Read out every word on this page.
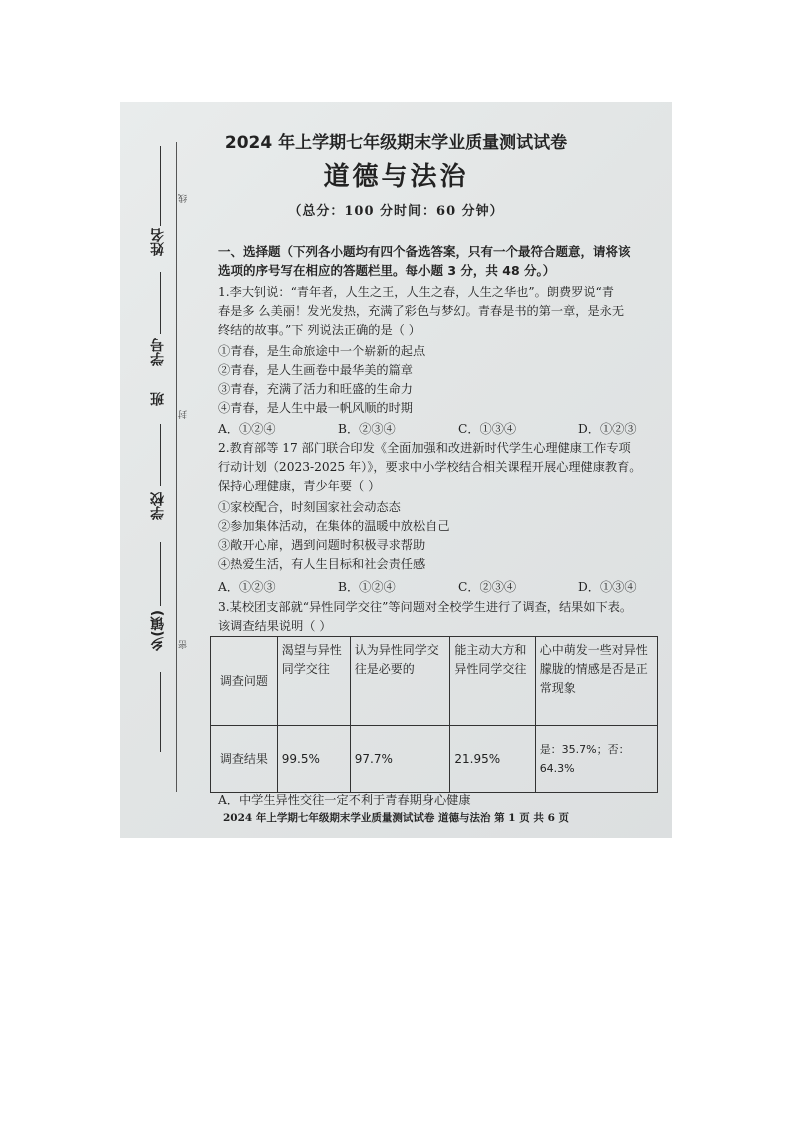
姓名
线
学号
班
封
学校
乡(镇) 密

2024 年上学期七年级期末学业质量测试试卷

道德与法治

（总分：100 分时间：60 分钟）

一、选择题（下列各小题均有四个备选答案，只有一个最符合题意，请将该

选项的序号写在相应的答题栏里。每小题 3 分，共 48 分。）

1.李大钊说：“青年者，人生之王，人生之春，人生之华也”。朗费罗说“青

春是多 么美丽！发光发热，充满了彩色与梦幻。青春是书的第一章，是永无

终结的故事。”下 列说法正确的是（ ）

①青春，是生命旅途中一个崭新的起点

②青春，是人生画卷中最华美的篇章

③青春，充满了活力和旺盛的生命力

④青春，是人生中最一帆风顺的时期

A．①②④	B．②③④	C．①③④	D．①②③

2.教育部等 17 部门联合印发《全面加强和改进新时代学生心理健康工作专项

行动计划（2023-2025 年）》，要求中小学校结合相关课程开展心理健康教育。

保持心理健康，青少年要（ ）

①家校配合，时刻国家社会动态态

②参加集体活动，在集体的温暖中放松自己

③敞开心扉，遇到问题时积极寻求帮助

④热爱生活，有人生目标和社会责任感

A．①②③	B．①②④	C．②③④	D．①③④

3.某校团支部就“异性同学交往”等问题对全校学生进行了调查，结果如下表。

该调查结果说明（ ）

调查问题	渴望与异性同学交往	认为异性同学交往是必要的	能主动大方和异性同学交往	心中萌发一些对异性朦胧的情感是否是正常现象
调查结果	99.5%	97.7%	21.95%	是：35.7%；否：64.3%

A．中学生异性交往一定不利于青春期身心健康

2024 年上学期七年级期末学业质量测试试卷 道德与法治 第 1 页 共 6 页
